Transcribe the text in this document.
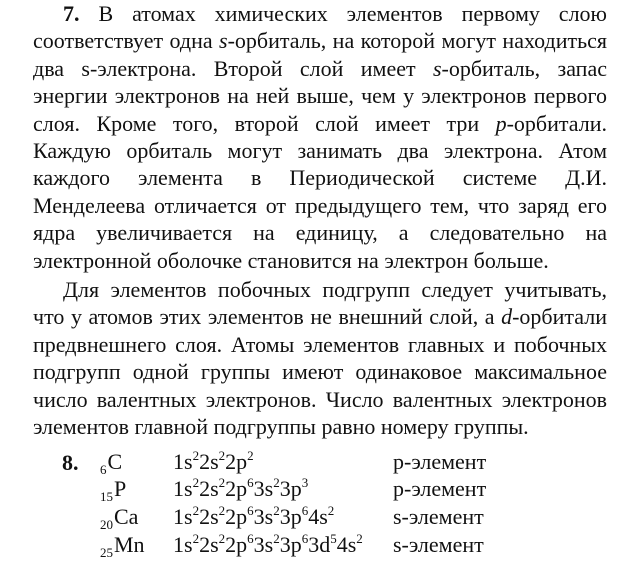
7. В атомах химических элементов первому слою соответствует одна s-орбиталь, на которой могут находиться два s-электрона. Второй слой имеет s-орбиталь, запас энергии электронов на ней выше, чем у электронов первого слоя. Кроме того, второй слой имеет три p-орбитали. Каждую орбиталь могут занимать два электрона. Атом каждого элемента в Периодической системе Д.И. Менделеева отличается от предыдущего тем, что заряд его ядра увеличивается на единицу, а следовательно на электронной оболочке становится на электрон больше.

Для элементов побочных подгрупп следует учитывать, что у атомов этих элементов не внешний слой, а d-орбитали предвнешнего слоя. Атомы элементов главных и побочных подгрупп одной группы имеют одинаковое максимальное число валентных электронов. Число валентных электронов элементов главной подгруппы равно номеру группы.

8. $_6$C $1s^22s^22p^2$	p-элемент
$_{15}$P $1s^22s^22p^63s^23p^3$	p-элемент
$_{20}$Ca $1s^22s^22p^63s^23p^64s^2$	s-элемент
$_{25}$Mn $1s^22s^22p^63s^23p^63d^54s^2$ s-элемент
